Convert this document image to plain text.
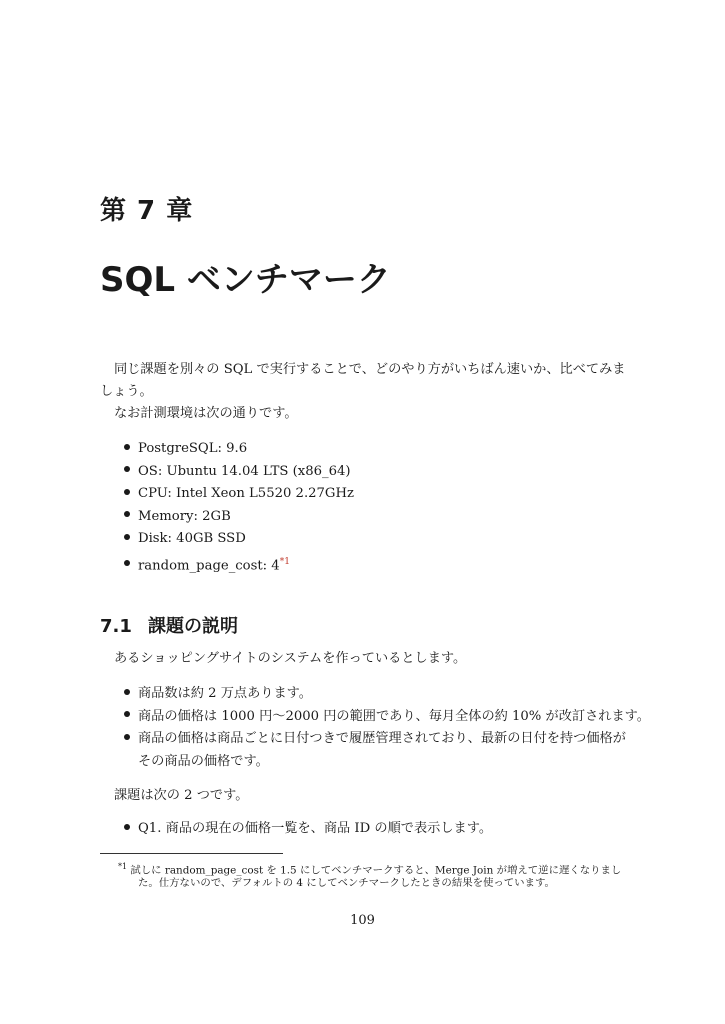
第 7 章
SQL ベンチマーク
同じ課題を別々の SQL で実行することで、どのやり方がいちばん速いか、比べてみま
しょう。
なお計測環境は次の通りです。
PostgreSQL: 9.6
OS: Ubuntu 14.04 LTS (x86_64)
CPU: Intel Xeon L5520 2.27GHz
Memory: 2GB
Disk: 40GB SSD
random_page_cost: 4$^{*1}$
7.1 課題の説明
あるショッピングサイトのシステムを作っているとします。
商品数は約 2 万点あります。
商品の価格は 1000 円〜2000 円の範囲であり、毎月全体の約 10% が改訂されます。
商品の価格は商品ごとに日付つきで履歴管理されており、最新の日付を持つ価格が
その商品の価格です。
課題は次の 2 つです。
Q1. 商品の現在の価格一覧を、商品 ID の順で表示します。
$^{*1}$ 試しに random_page_cost を 1.5 にしてベンチマークすると、Merge Join が増えて逆に遅くなりまし
た。仕方ないので、デフォルトの 4 にしてベンチマークしたときの結果を使っています。
109
